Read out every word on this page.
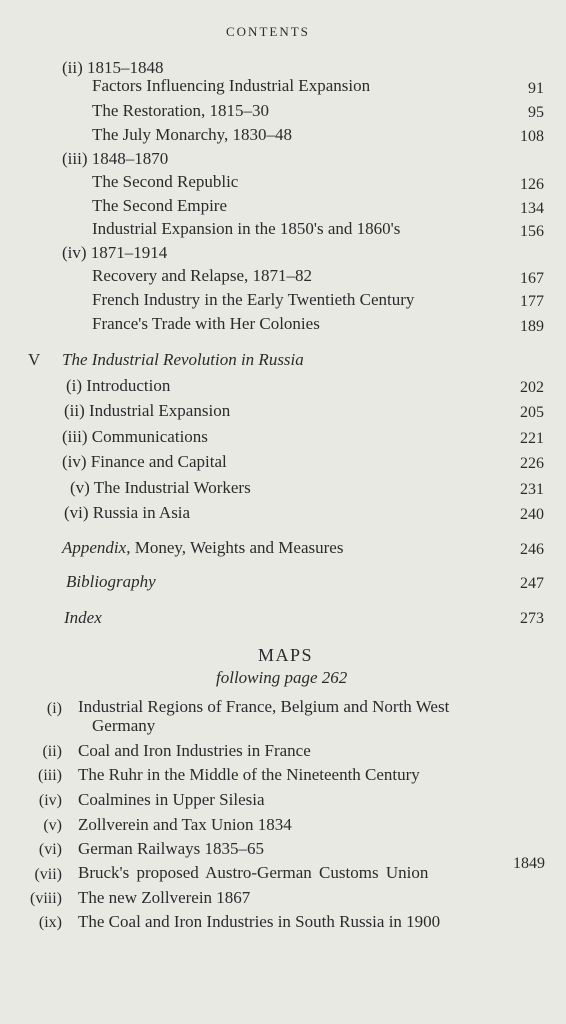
CONTENTS
(ii) 1815–1848
Factors Influencing Industrial Expansion	91
The Restoration, 1815–30	95
The July Monarchy, 1830–48	108
(iii) 1848–1870
The Second Republic	126
The Second Empire	134
Industrial Expansion in the 1850's and 1860's	156
(iv) 1871–1914
Recovery and Relapse, 1871–82	167
French Industry in the Early Twentieth Century	177
France's Trade with Her Colonies	189
V The Industrial Revolution in Russia
(i) Introduction	202
(ii) Industrial Expansion	205
(iii) Communications	221
(iv) Finance and Capital	226
(v) The Industrial Workers	231
(vi) Russia in Asia	240
Appendix, Money, Weights and Measures	246
Bibliography	247
Index	273
MAPS
following page 262
(i) Industrial Regions of France, Belgium and North West
Germany
(ii) Coal and Iron Industries in France
(iii) The Ruhr in the Middle of the Nineteenth Century
(iv) Coalmines in Upper Silesia
(v) Zollverein and Tax Union 1834
(vi) German Railways 1835–65
(vii) Bruck's proposed Austro-German Customs Union	1849
(viii) The new Zollverein 1867
(ix) The Coal and Iron Industries in South Russia in 1900
